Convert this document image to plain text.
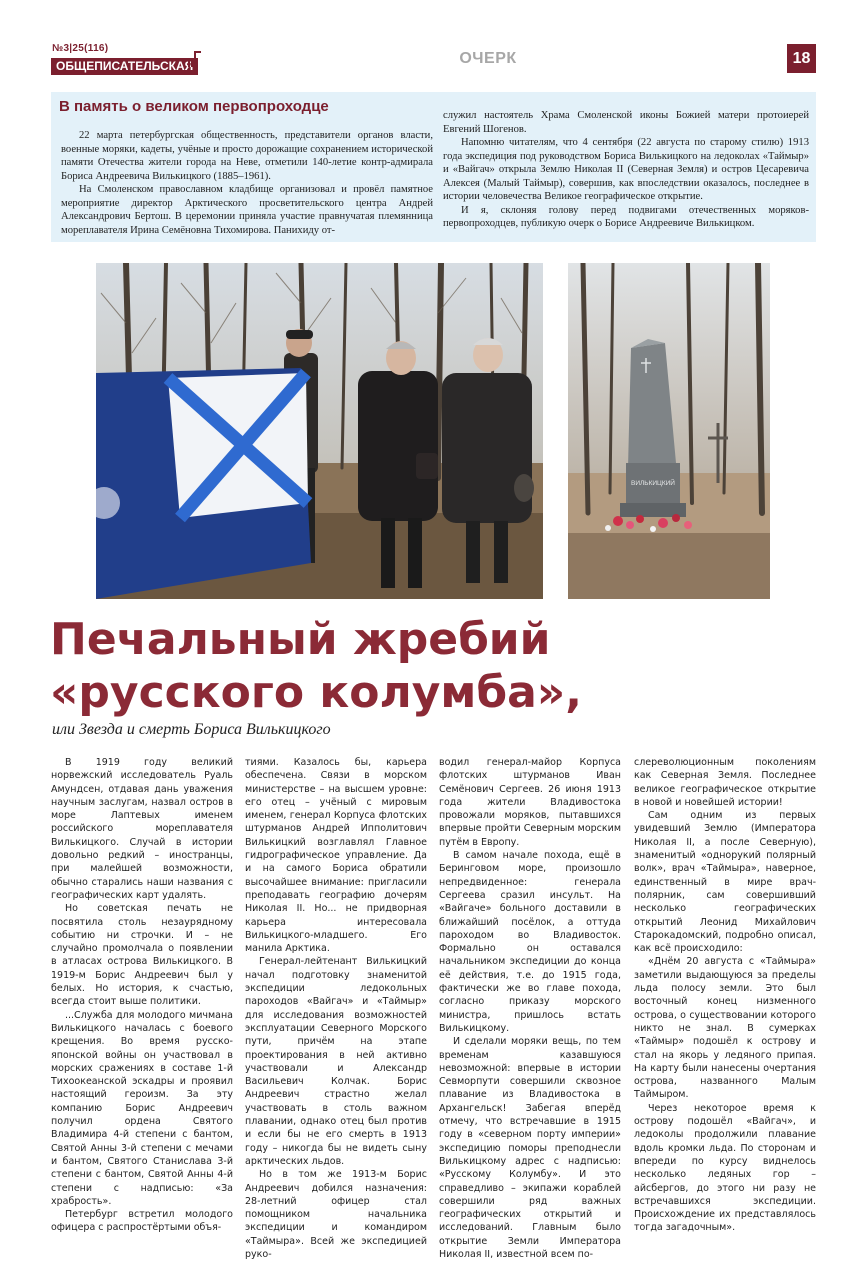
№3|25(116)
ОБЩЕПИСАТЕЛЬСКАЯ	ОЧЕРК	18
В память о великом первопроходце

22 марта петербургская общественность, представители органов власти, военные моряки, кадеты, учёные и просто дорожащие сохранением исторической памяти Отечества жители города на Неве, отметили 140-летие контр-адмирала Бориса Андреевича Вилькицкого (1885–1961).

На Смоленском православном кладбище организовал и провёл памятное мероприятие директор Арктического просветительского центра Андрей Александрович Бертош. В церемонии приняла участие правнучатая племянница мореплавателя Ирина Семёновна Тихомирова. Панихиду от-

служил настоятель Храма Смоленской иконы Божией матери протоиерей Евгений Шогенов.

Напомню читателям, что 4 сентября (22 августа по старому стилю) 1913 года экспедиция под руководством Бориса Вилькицкого на ледоколах «Таймыр» и «Вайгач» открыла Землю Николая II (Северная Земля) и остров Цесаревича Алексея (Малый Таймыр), совершив, как впоследствии оказалось, последнее в истории человечества Великое географическое открытие.

И я, склоняя голову перед подвигами отечественных моряков-первопроходцев, публикую очерк о Борисе Андреевиче Вилькицком.

ВИЛЬКИЦКИЙ
Печальный жребий
«русского колумба»,
или Звезда и смерть Бориса Вилькицкого

В 1919 году великий норвежский исследователь Руаль Амундсен, отдавая дань уважения научным заслугам, назвал остров в море Лаптевых именем российского мореплавателя Вилькицкого. Случай в истории довольно редкий – иностранцы, при малейшей возможности, обычно старались наши названия с географических карт удалять.

Но советская печать не посвятила столь незаурядному событию ни строчки. И – не случайно промолчала о появлении в атласах острова Вилькицкого. В 1919-м Борис Андреевич был у белых. Но история, к счастью, всегда стоит выше политики.

...Служба для молодого мичмана Вилькицкого началась с боевого крещения. Во время русско-японской войны он участвовал в морских сражениях в составе 1-й Тихоокеанской эскадры и проявил настоящий героизм. За эту компанию Борис Андреевич получил ордена Святого Владимира 4-й степени с бантом, Святой Анны 3-й степени с мечами и бантом, Святого Станислава 3-й степени с бантом, Святой Анны 4-й степени с надписью: «За храбрость».

Петербург встретил молодого офицера с распростёртыми объя-

тиями. Казалось бы, карьера обеспечена. Связи в морском министерстве – на высшем уровне: его отец – учёный с мировым именем, генерал Корпуса флотских штурманов Андрей Ипполитович Вилькицкий возглавлял Главное гидрографическое управление. Да и на самого Бориса обратили высочайшее внимание: пригласили преподавать географию дочерям Николая II. Но... не придворная карьера интересовала Вилькицкого-младшего. Его манила Арктика.

Генерал-лейтенант Вилькицкий начал подготовку знаменитой экспедиции ледокольных пароходов «Вайгач» и «Таймыр» для исследования возможностей эксплуатации Северного Морского пути, причём на этапе проектирования в ней активно участвовали и Александр Васильевич Колчак. Борис Андреевич страстно желал участвовать в столь важном плавании, однако отец был против и если бы не его смерть в 1913 году – никогда бы не видеть сыну арктических льдов.

Но в том же 1913-м Борис Андреевич добился назначения: 28-летний офицер стал помощником начальника экспедиции и командиром «Таймыра». Всей же экспедицией руко-

водил генерал-майор Корпуса флотских штурманов Иван Семёнович Сергеев. 26 июня 1913 года жители Владивостока провожали моряков, пытавшихся впервые пройти Северным морским путём в Европу.

В самом начале похода, ещё в Беринговом море, произошло непредвиденное: генерала Сергеева сразил инсульт. На «Вайгаче» больного доставили в ближайший посёлок, а оттуда пароходом во Владивосток. Формально он оставался начальником экспедиции до конца её действия, т.е. до 1915 года, фактически же во главе похода, согласно приказу морского министра, пришлось встать Вилькицкому.

И сделали моряки вещь, по тем временам казавшуюся невозможной: впервые в истории Севморпути совершили сквозное плавание из Владивостока в Архангельск! Забегая вперёд отмечу, что встречавшие в 1915 году в «северном порту империи» экспедицию поморы преподнесли Вилькицкому адрес с надписью: «Русскому Колумбу». И это справедливо – экипажи кораблей совершили ряд важных географических открытий и исследований. Главным было открытие Земли Императора Николая II, известной всем по-

слереволюционным поколениям как Северная Земля. Последнее великое географическое открытие в новой и новейшей истории!

Сам одним из первых увидевший Землю (Императора Николая II, а после Северную), знаменитый «однорукий полярный волк», врач «Таймыра», наверное, единственный в мире врач-полярник, сам совершивший несколько географических открытий Леонид Михайлович Старокадомский, подробно описал, как всё происходило:

«Днём 20 августа с «Таймыра» заметили выдающуюся за пределы льда полосу земли. Это был восточный конец низменного острова, о существовании которого никто не знал. В сумерках «Таймыр» подошёл к острову и стал на якорь у ледяного припая. На карту были нанесены очертания острова, названного Малым Таймыром.

Через некоторое время к острову подошёл «Вайгач», и ледоколы продолжили плавание вдоль кромки льда. По сторонам и впереди по курсу виднелось несколько ледяных гор – айсбергов, до этого ни разу не встречавшихся экспедиции. Происхождение их представлялось тогда загадочным».
